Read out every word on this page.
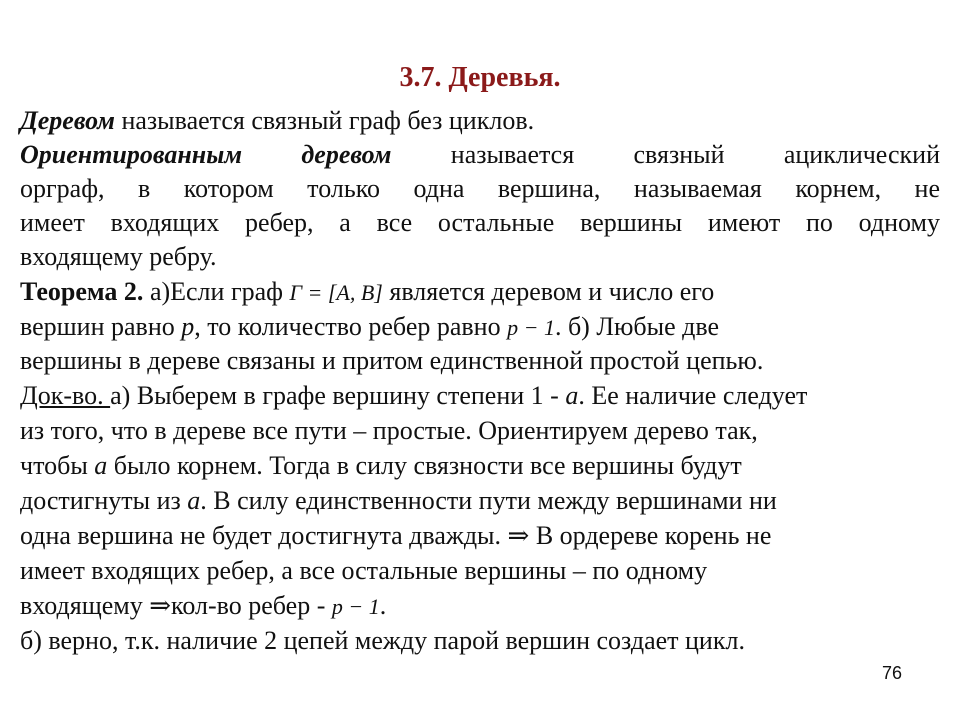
3.7. Деревья.
Деревом называется связный граф без циклов.
Ориентированным деревом называется связный ациклический
орграф, в котором только одна вершина, называемая корнем, не
имеет входящих ребер, а все остальные вершины имеют по одному
входящему ребру.
Теорема 2. а)Если граф Γ = [A, B] является деревом и число его
вершин равно p, то количество ребер равно p − 1. б) Любые две
вершины в дереве связаны и притом единственной простой цепью.
Док-во. а) Выберем в графе вершину степени 1 - a. Ее наличие следует
из того, что в дереве все пути – простые. Ориентируем дерево так,
чтобы a было корнем. Тогда в силу связности все вершины будут
достигнуты из a. В силу единственности пути между вершинами ни
одна вершина не будет достигнута дважды. ⇒ В ордереве корень не
имеет входящих ребер, а все остальные вершины – по одному
входящему ⇒кол-во ребер - p − 1.
б) верно, т.к. наличие 2 цепей между парой вершин создает цикл.
76
